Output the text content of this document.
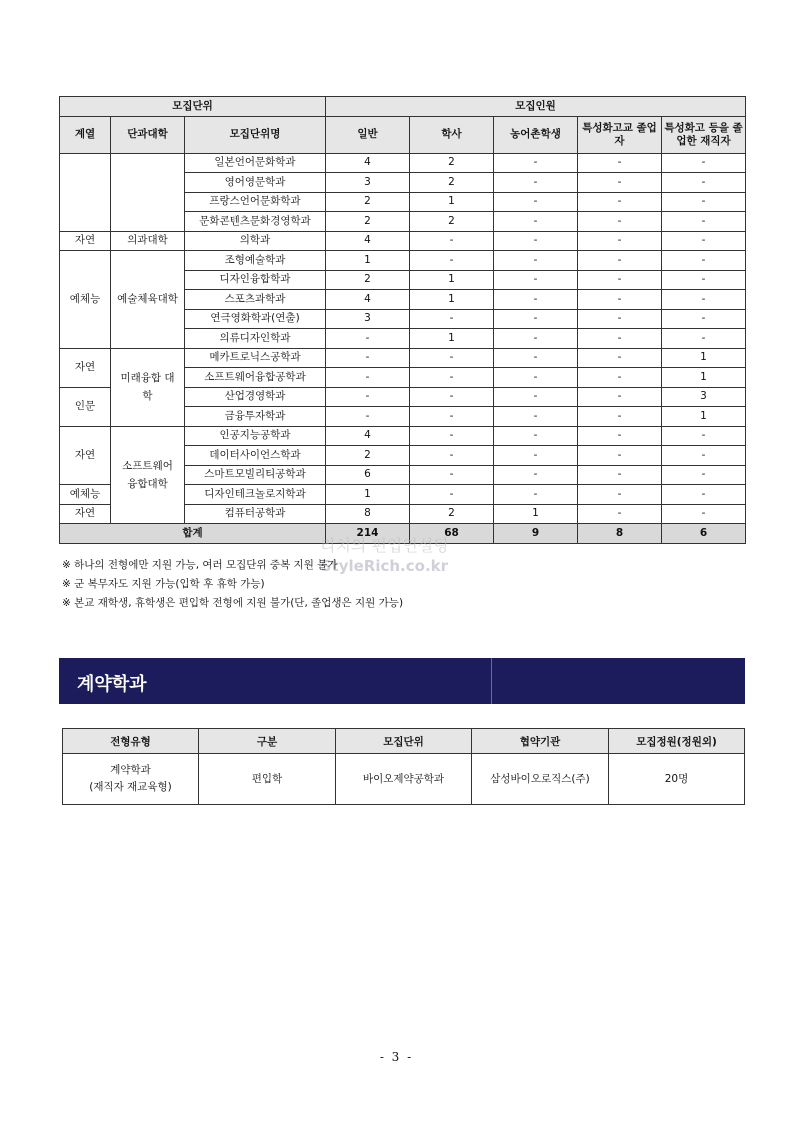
모집단위			모집인원				
계열	단과대학	모집단위명	일반	학사	농어촌학생	특성화고교 졸업자	특성화고 등을 졸업한 재직자
		일본언어문화학과	4	2	-	-	-
		영어영문학과	3	2	-	-	-
		프랑스언어문화학과	2	1	-	-	-
		문화콘텐츠문화경영학과	2	2	-	-	-
자연	의과대학	의학과	4	-	-	-	-
예체능	예술체육대학	조형예술학과	1	-	-	-	-
		디자인융합학과	2	1	-	-	-
		스포츠과학과	4	1	-	-	-
		연극영화학과(연출)	3	-	-	-	-
		의류디자인학과	-	1	-	-	-
자연	미래융합 대학	메카트로닉스공학과	-	-	-	-	1
		소프트웨어융합공학과	-	-	-	-	1
인문		산업경영학과	-	-	-	-	3
		금융투자학과	-	-	-	-	1
자연	소프트웨어 융합대학	인공지능공학과	4	-	-	-	-
		데이터사이언스학과	2	-	-	-	-
		스마트모빌리티공학과	6	-	-	-	-
예체능		디자인테크놀로지학과	1	-	-	-	-
자연		컴퓨터공학과	8	2	1	-	-
합계			214	68	9	8	6
리치의 편입연설팅
StyleRich.co.kr
※ 하나의 전형에만 지원 가능, 여러 모집단위 중복 지원 불가
※ 군 복무자도 지원 가능(입학 후 휴학 가능)
※ 본교 재학생, 휴학생은 편입학 전형에 지원 불가(단, 졸업생은 지원 가능)
계약학과
전형유형	구분	모집단위	협약기관	모집정원(정원외)

계약학과
(재직자 재교육형)	편입학	바이오제약공학과	삼성바이오로직스(주)	20명
- 3 -
